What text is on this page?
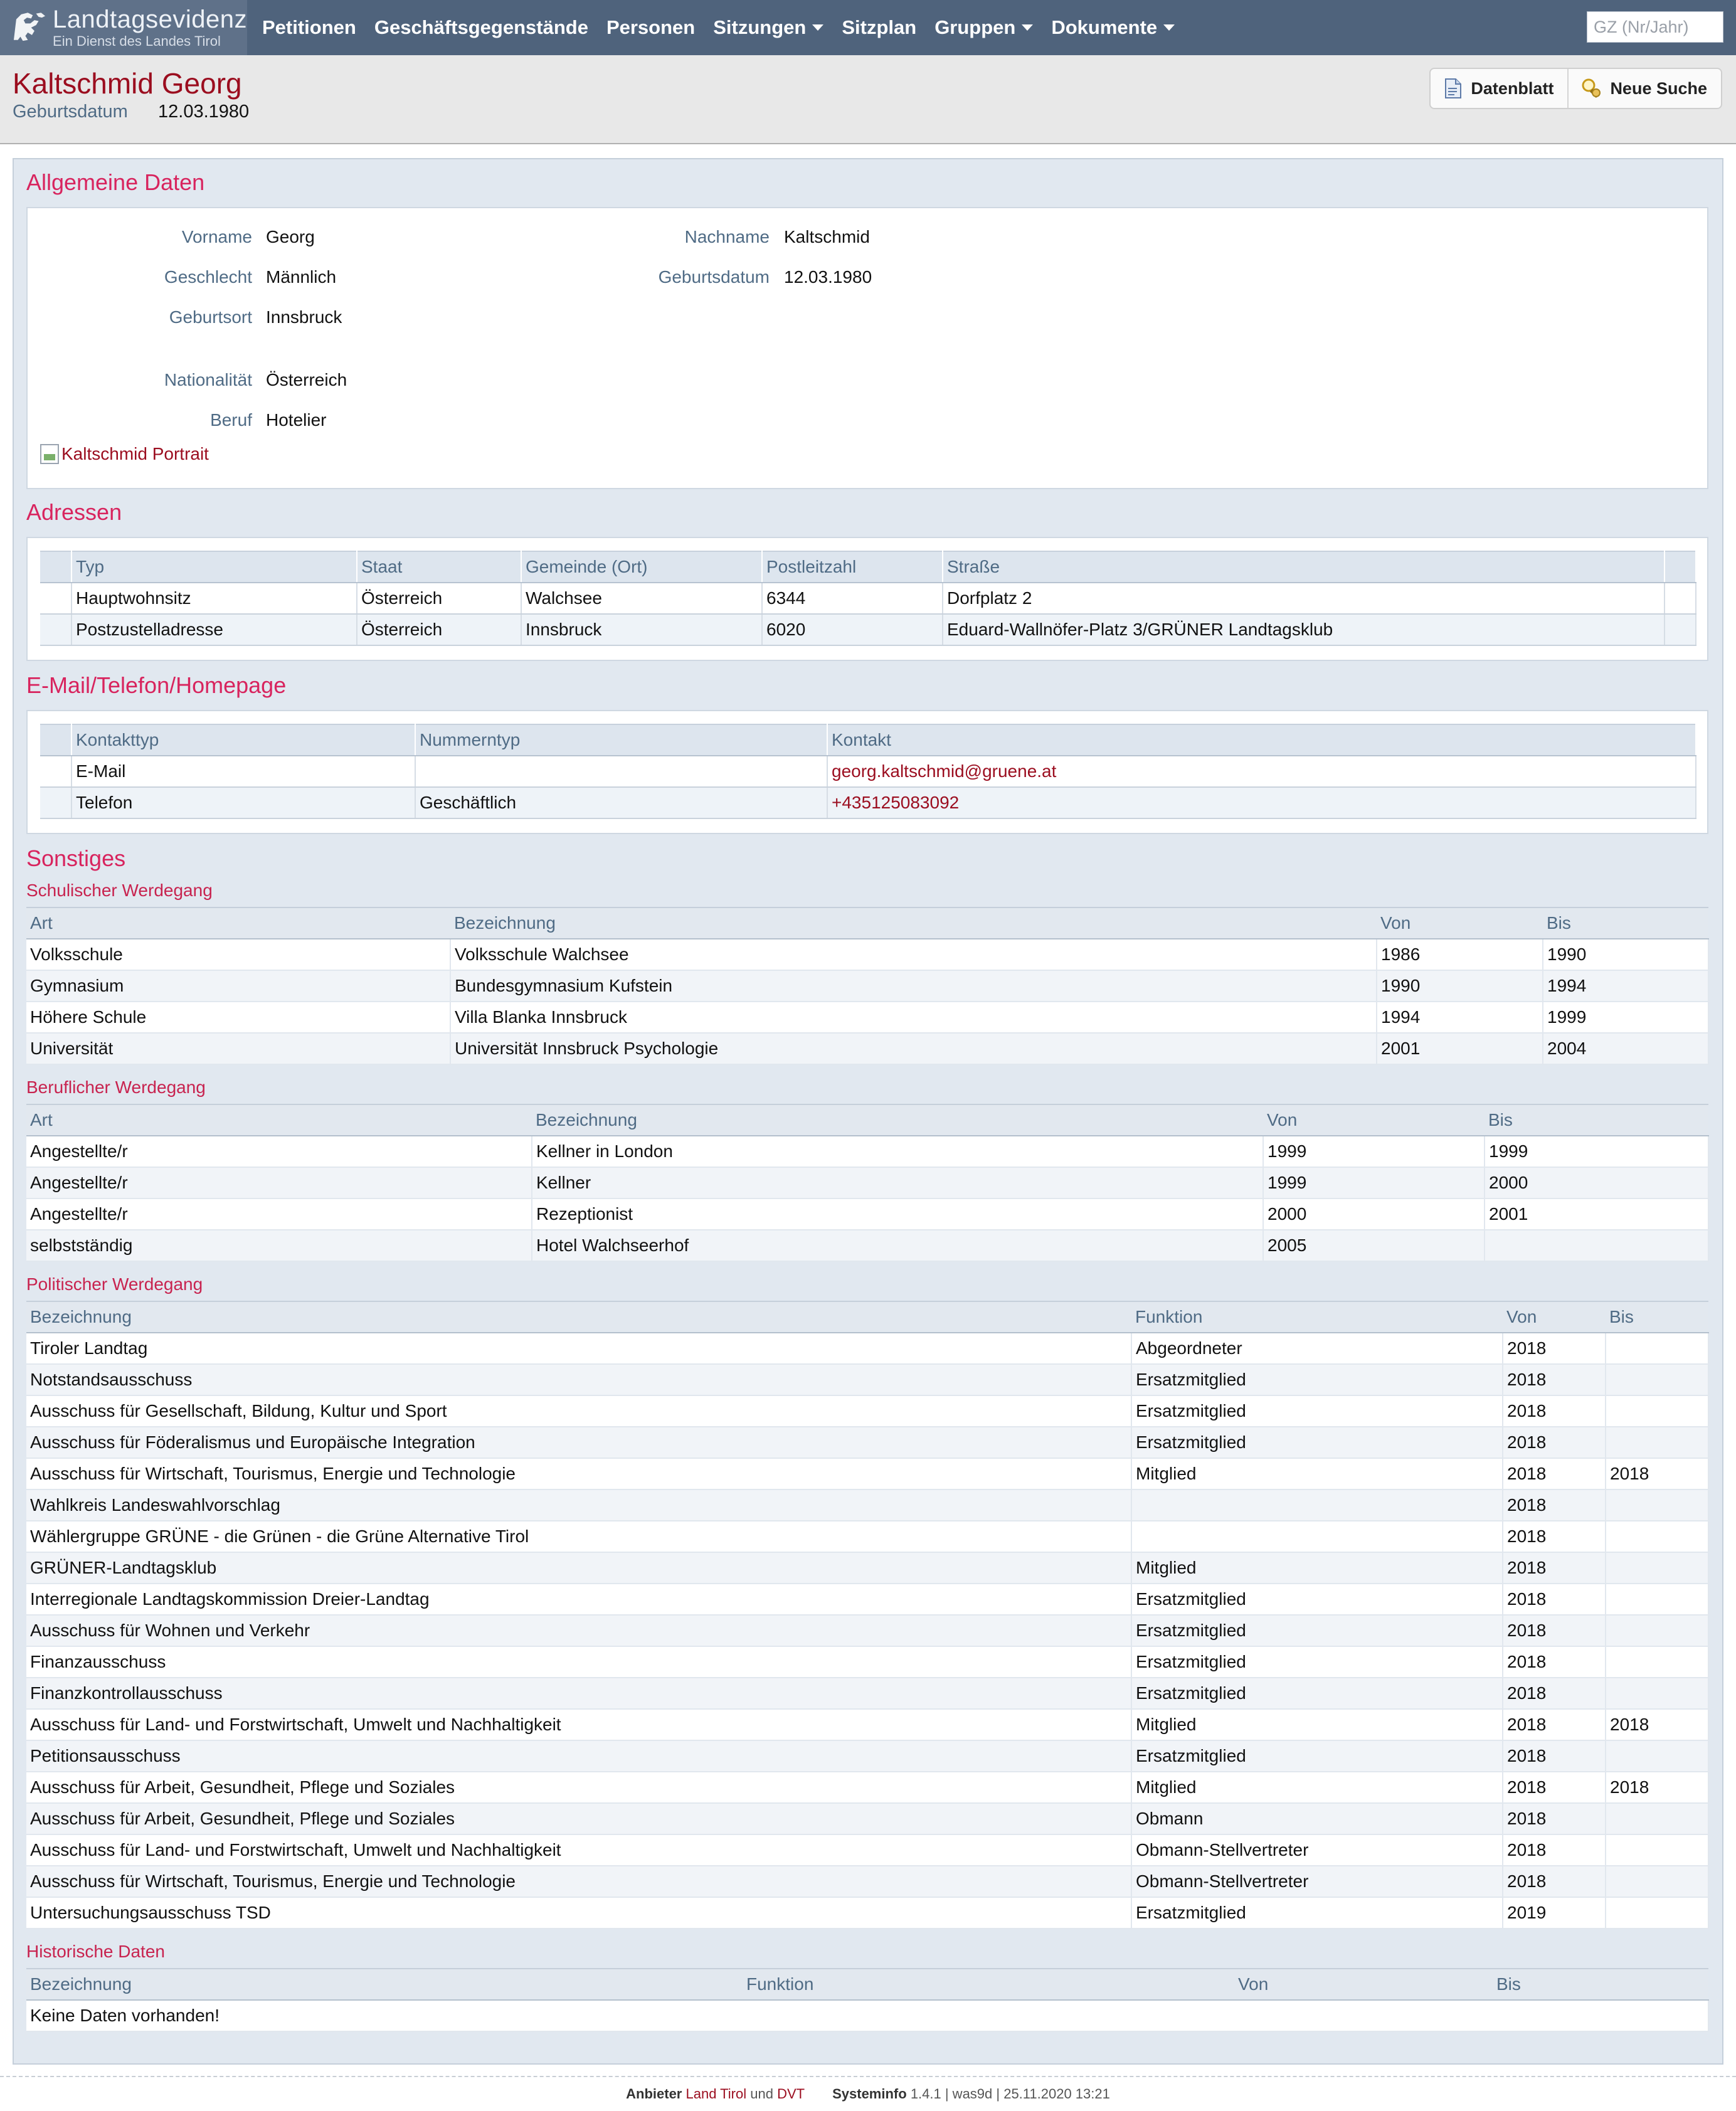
Landtagsevidenz
Ein Dienst des Landes Tirol
Petitionen Geschäftsgegenstände Personen Sitzungen Sitzplan Gruppen Dokumente
GZ (Nr/Jahr)
Kaltschmid Georg
Geburtsdatum 12.03.1980
Datenblatt	Neue Suche
Allgemeine Daten
Vorname Georg	Nachname Kaltschmid
Geschlecht Männlich	Geburtsdatum 12.03.1980
Geburtsort Innsbruck
Nationalität Österreich
Beruf Hotelier
Kaltschmid Portrait
Adressen
	Typ	Staat	Gemeinde (Ort)	Postleitzahl	Straße	
	Hauptwohnsitz	Österreich	Walchsee	6344	Dorfplatz 2	
	Postzustelladresse	Österreich	Innsbruck	6020	Eduard-Wallnöfer-Platz 3/GRÜNER Landtagsklub	
E-Mail/Telefon/Homepage
	Kontakttyp	Nummerntyp	Kontakt
	E-Mail		georg.kaltschmid@gruene.at
	Telefon	Geschäftlich	+435125083092
Sonstiges
Schulischer Werdegang
Art	Bezeichnung	Von	Bis
Volksschule	Volksschule Walchsee	1986	1990
Gymnasium	Bundesgymnasium Kufstein	1990	1994
Höhere Schule	Villa Blanka Innsbruck	1994	1999
Universität	Universität Innsbruck Psychologie	2001	2004
Beruflicher Werdegang
Art	Bezeichnung	Von	Bis
Angestellte/r	Kellner in London	1999	1999
Angestellte/r	Kellner	1999	2000
Angestellte/r	Rezeptionist	2000	2001
selbstständig	Hotel Walchseerhof	2005	
Politischer Werdegang
Bezeichnung	Funktion	Von	Bis
Tiroler Landtag	Abgeordneter	2018	
Notstandsausschuss	Ersatzmitglied	2018	
Ausschuss für Gesellschaft, Bildung, Kultur und Sport	Ersatzmitglied	2018	
Ausschuss für Föderalismus und Europäische Integration	Ersatzmitglied	2018	
Ausschuss für Wirtschaft, Tourismus, Energie und Technologie	Mitglied	2018	2018
Wahlkreis Landeswahlvorschlag		2018	
Wählergruppe GRÜNE - die Grünen - die Grüne Alternative Tirol		2018	
GRÜNER-Landtagsklub	Mitglied	2018	
Interregionale Landtagskommission Dreier-Landtag	Ersatzmitglied	2018	
Ausschuss für Wohnen und Verkehr	Ersatzmitglied	2018	
Finanzausschuss	Ersatzmitglied	2018	
Finanzkontrollausschuss	Ersatzmitglied	2018	
Ausschuss für Land- und Forstwirtschaft, Umwelt und Nachhaltigkeit	Mitglied	2018	2018
Petitionsausschuss	Ersatzmitglied	2018	
Ausschuss für Arbeit, Gesundheit, Pflege und Soziales	Mitglied	2018	2018
Ausschuss für Arbeit, Gesundheit, Pflege und Soziales	Obmann	2018	
Ausschuss für Land- und Forstwirtschaft, Umwelt und Nachhaltigkeit	Obmann-Stellvertreter	2018	
Ausschuss für Wirtschaft, Tourismus, Energie und Technologie	Obmann-Stellvertreter	2018	
Untersuchungsausschuss TSD	Ersatzmitglied	2019	
Historische Daten
Bezeichnung	Funktion	Von	Bis
Keine Daten vorhanden!
Anbieter
Land Tirol
und
DVT Systeminfo
1.4.1 | was9d | 25.11.2020 13:21
